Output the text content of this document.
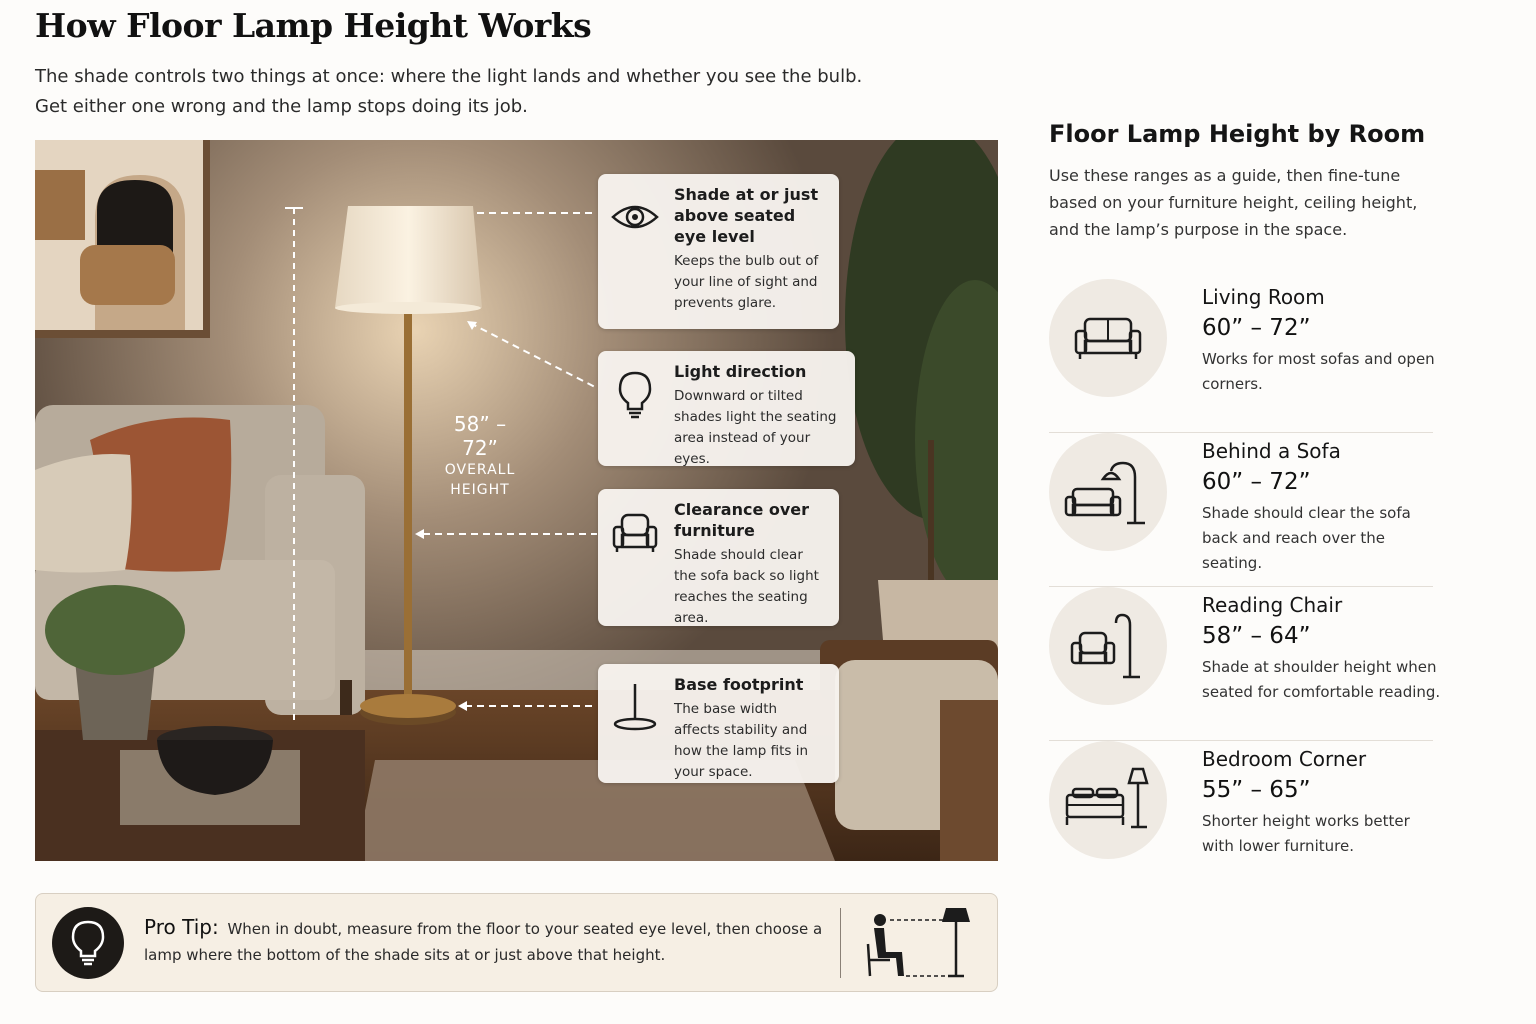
How Floor Lamp Height Works
The shade controls two things at once: where the light lands and whether you see the bulb.
Get either one wrong and the lamp stops doing its job.
58” – 72”
OVERALL
HEIGHT
Shade at or just above seated eye level

Keeps the bulb out of your line of sight and prevents glare.

Light direction

Downward or tilted shades light the seating area instead of your eyes.

Clearance over furniture

Shade should clear the sofa back so light reaches the seating area.

Base footprint

The base width affects stability and how the lamp fits in your space.

Floor Lamp Height by Room

Use these ranges as a guide, then fine-tune based on your furniture height, ceiling height, and the lamp’s purpose in the space.

Living Room
60” – 72”
Works for most sofas and open corners.
Behind a Sofa
60” – 72”
Shade should clear the sofa back and reach over the seating.
Reading Chair
58” – 64”
Shade at shoulder height when seated for comfortable reading.
Bedroom Corner
55” – 65”
Shorter height works better with lower furniture.
Pro Tip: When in doubt, measure from the floor to your seated eye level, then choose a lamp where the bottom of the shade sits at or just above that height.
